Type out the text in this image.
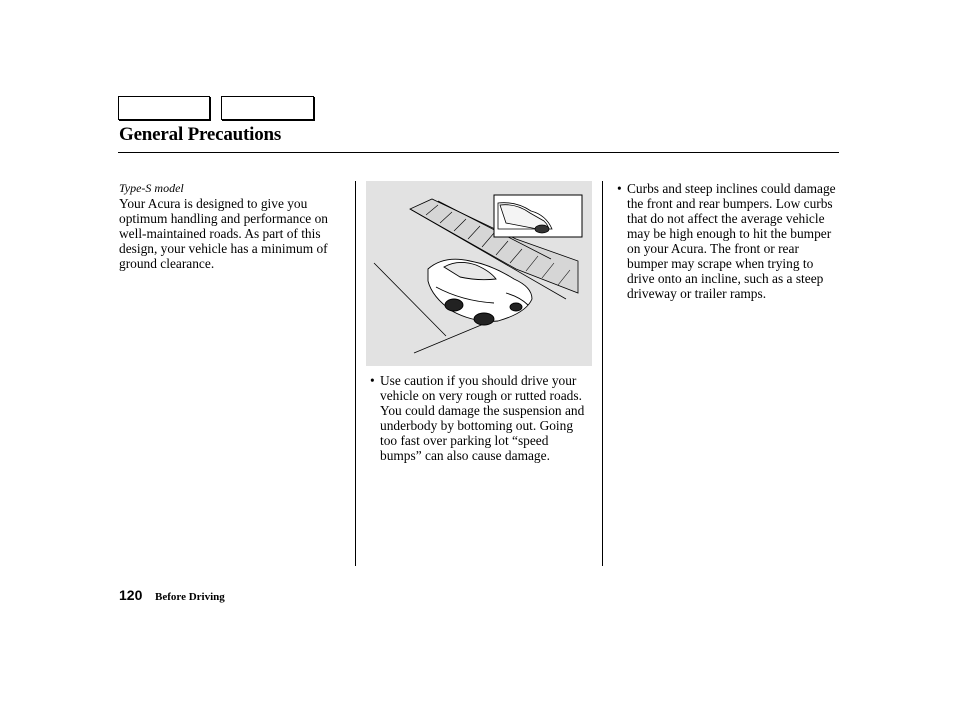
General Precautions
Type-S model
Your Acura is designed to give you optimum handling and performance on well-maintained roads. As part of this design, your vehicle has a minimum of ground clearance.
• Use caution if you should drive your vehicle on very rough or rutted roads. You could damage the suspension and underbody by bottoming out. Going too fast over parking lot “speed bumps” can also cause damage.
• Curbs and steep inclines could damage the front and rear bumpers. Low curbs that do not affect the average vehicle may be high enough to hit the bumper on your Acura. The front or rear bumper may scrape when trying to drive onto an incline, such as a steep driveway or trailer ramps.
120 Before Driving
